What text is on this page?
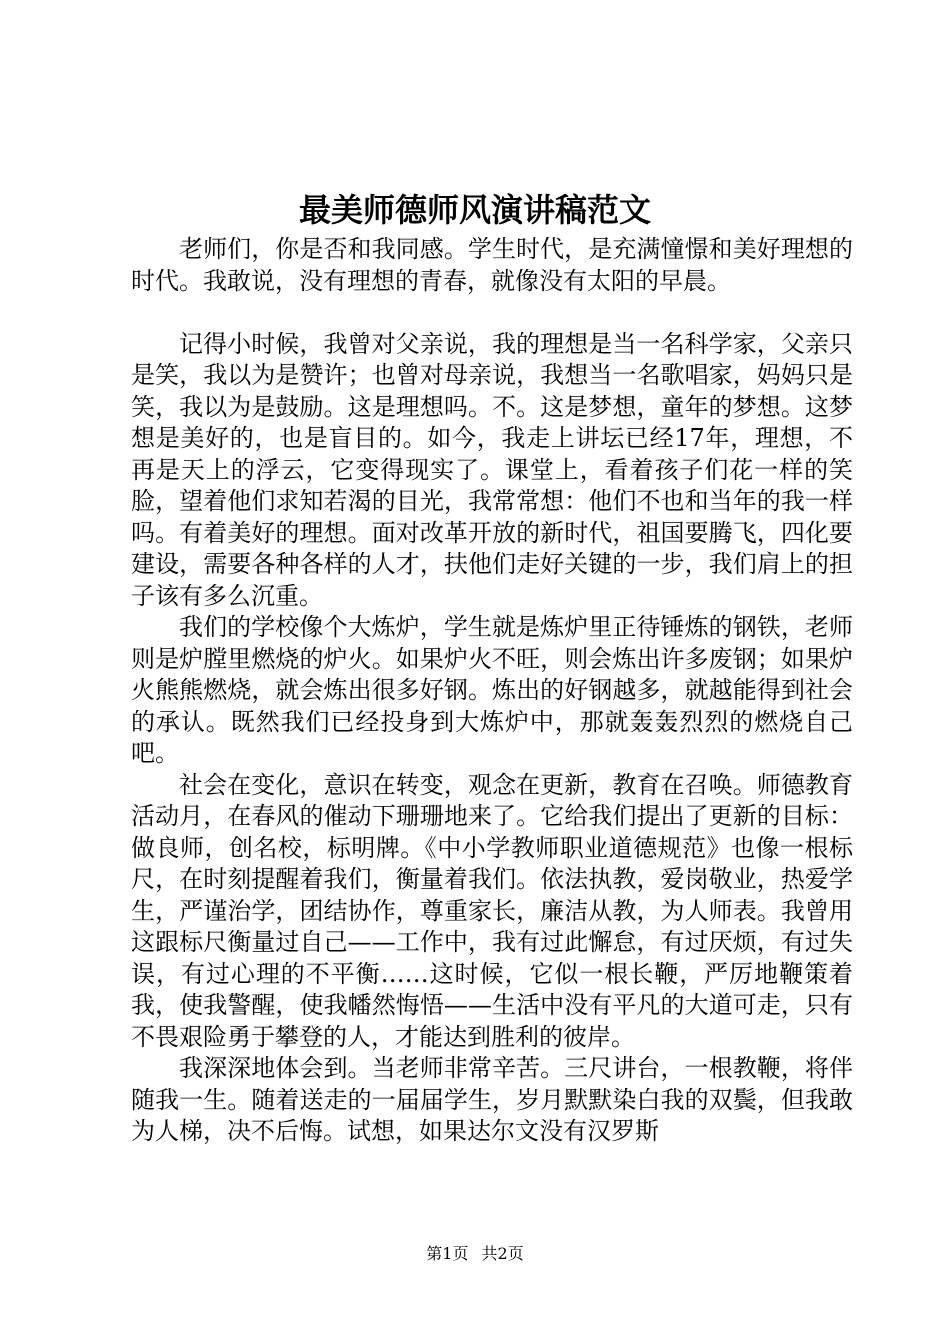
最美师德师风演讲稿范文

老师们，你是否和我同感。学生时代，是充满憧憬和美好理想的时代。我敢说，没有理想的青春，就像没有太阳的早晨。

记得小时候，我曾对父亲说，我的理想是当一名科学家，父亲只是笑，我以为是赞许；也曾对母亲说，我想当一名歌唱家，妈妈只是笑，我以为是鼓励。这是理想吗。不。这是梦想，童年的梦想。这梦想是美好的，也是盲目的。如今，我走上讲坛已经17年，理想，不再是天上的浮云，它变得现实了。课堂上，看着孩子们花一样的笑脸，望着他们求知若渴的目光，我常常想：他们不也和当年的我一样吗。有着美好的理想。面对改革开放的新时代，祖国要腾飞，四化要建设，需要各种各样的人才，扶他们走好关键的一步，我们肩上的担子该有多么沉重。

我们的学校像个大炼炉，学生就是炼炉里正待锤炼的钢铁，老师则是炉膛里燃烧的炉火。如果炉火不旺，则会炼出许多废钢；如果炉火熊熊燃烧，就会炼出很多好钢。炼出的好钢越多，就越能得到社会的承认。既然我们已经投身到大炼炉中，那就轰轰烈烈的燃烧自己吧。

社会在变化，意识在转变，观念在更新，教育在召唤。师德教育活动月，在春风的催动下珊珊地来了。它给我们提出了更新的目标：做良师，创名校，标明牌。《中小学教师职业道德规范》也像一根标尺，在时刻提醒着我们，衡量着我们。依法执教，爱岗敬业，热爱学生，严谨治学，团结协作，尊重家长，廉洁从教，为人师表。我曾用这跟标尺衡量过自己——工作中，我有过此懈怠，有过厌烦，有过失误，有过心理的不平衡……这时候，它似一根长鞭，严厉地鞭策着我，使我警醒，使我幡然悔悟——生活中没有平凡的大道可走，只有不畏艰险勇于攀登的人，才能达到胜利的彼岸。

我深深地体会到。当老师非常辛苦。三尺讲台，一根教鞭，将伴随我一生。随着送走的一届届学生，岁月默默染白我的双鬓，但我敢为人梯，决不后悔。试想，如果达尔文没有汉罗斯

第1页 共2页
